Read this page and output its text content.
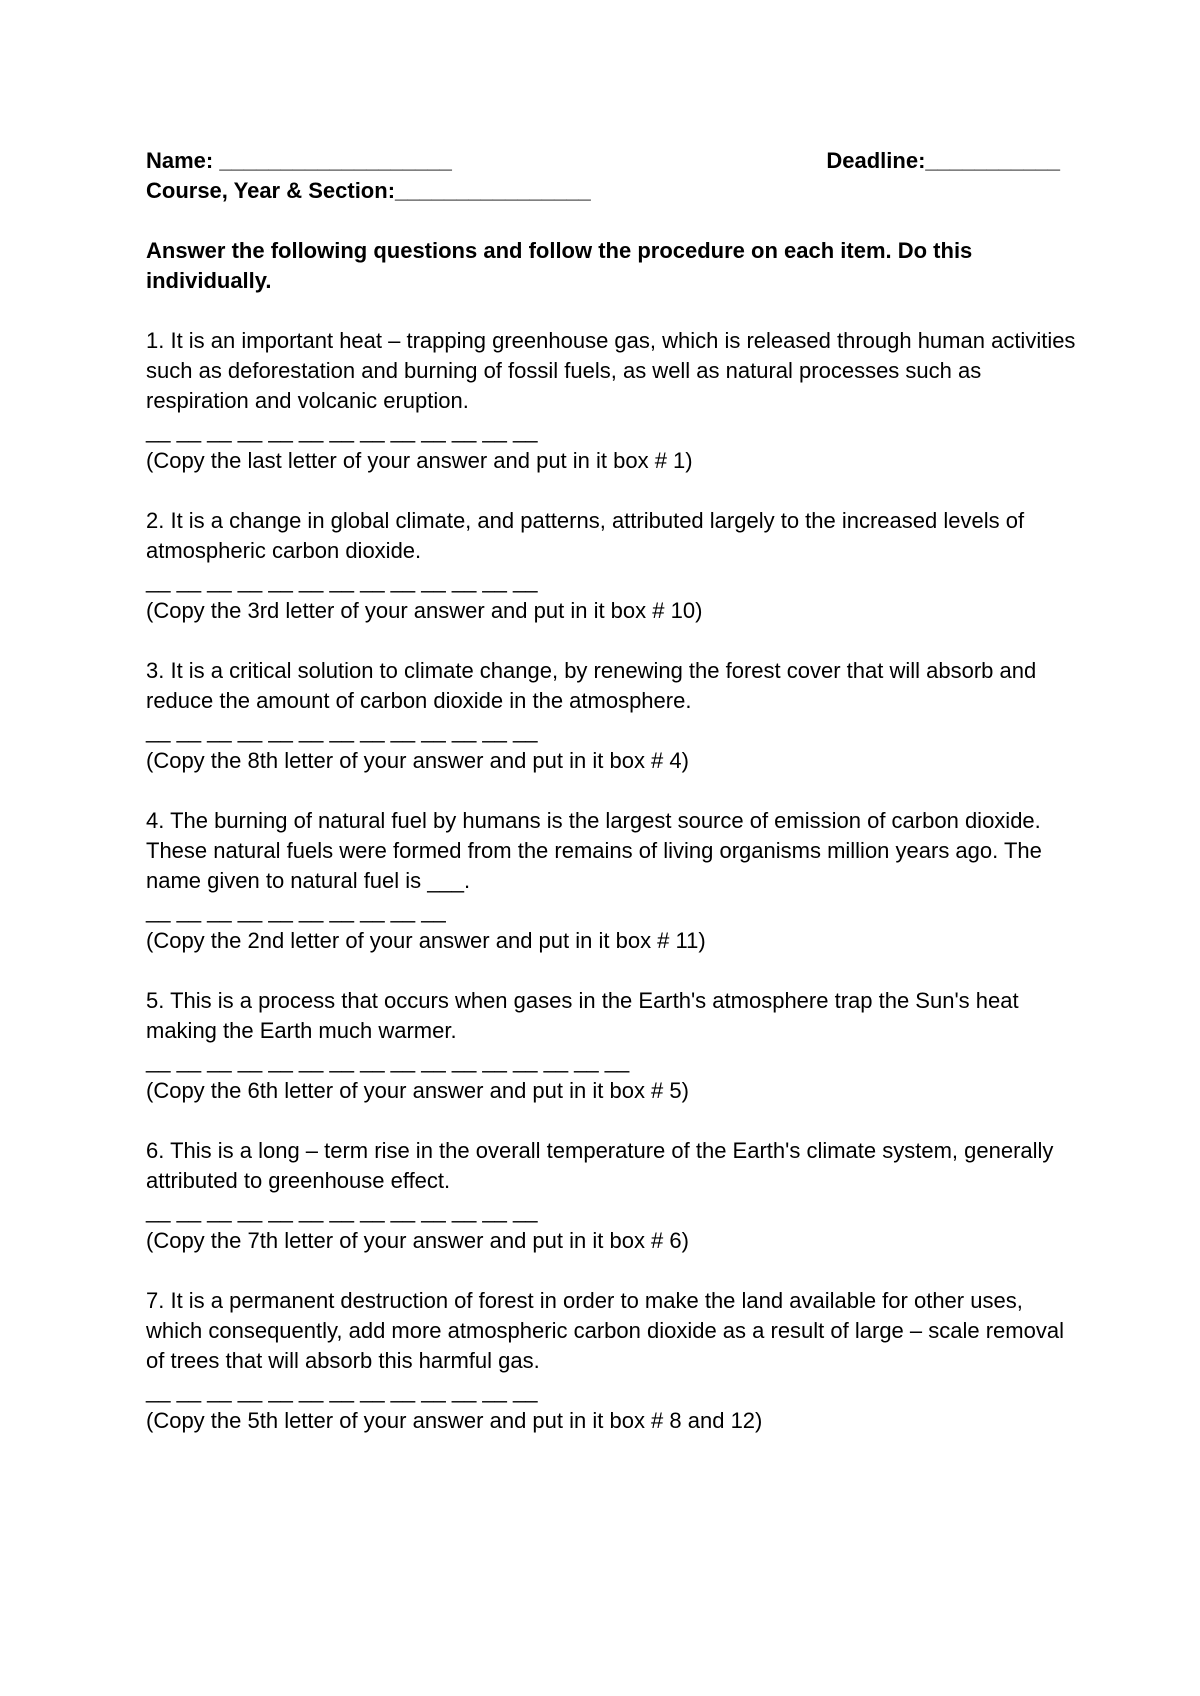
Name: ___________________	Deadline:___________
Course, Year & Section:________________
Answer the following questions and follow the procedure on each item. Do this individually.
1. It is an important heat – trapping greenhouse gas, which is released through human activities such as deforestation and burning of fossil fuels, as well as natural processes such as respiration and volcanic eruption.
__ __ __ __ __ __ __ __ __ __ __ __ __
(Copy the last letter of your answer and put in it box # 1)
2. It is a change in global climate, and patterns, attributed largely to the increased levels of atmospheric carbon dioxide.
__ __ __ __ __ __ __ __ __ __ __ __ __
(Copy the 3rd letter of your answer and put in it box # 10)
3. It is a critical solution to climate change, by renewing the forest cover that will absorb and reduce the amount of carbon dioxide in the atmosphere.
__ __ __ __ __ __ __ __ __ __ __ __ __
(Copy the 8th letter of your answer and put in it box # 4)
4. The burning of natural fuel by humans is the largest source of emission of carbon dioxide. These natural fuels were formed from the remains of living organisms million years ago. The name given to natural fuel is ___.
__ __ __ __ __ __ __ __ __ __
(Copy the 2nd letter of your answer and put in it box # 11)
5. This is a process that occurs when gases in the Earth's atmosphere trap the Sun's heat making the Earth much warmer.
__ __ __ __ __ __ __ __ __ __ __ __ __ __ __ __
(Copy the 6th letter of your answer and put in it box # 5)
6. This is a long – term rise in the overall temperature of the Earth's climate system, generally attributed to greenhouse effect.
__ __ __ __ __ __ __ __ __ __ __ __ __
(Copy the 7th letter of your answer and put in it box # 6)
7. It is a permanent destruction of forest in order to make the land available for other uses, which consequently, add more atmospheric carbon dioxide as a result of large – scale removal of trees that will absorb this harmful gas.
__ __ __ __ __ __ __ __ __ __ __ __ __
(Copy the 5th letter of your answer and put in it box # 8 and 12)
